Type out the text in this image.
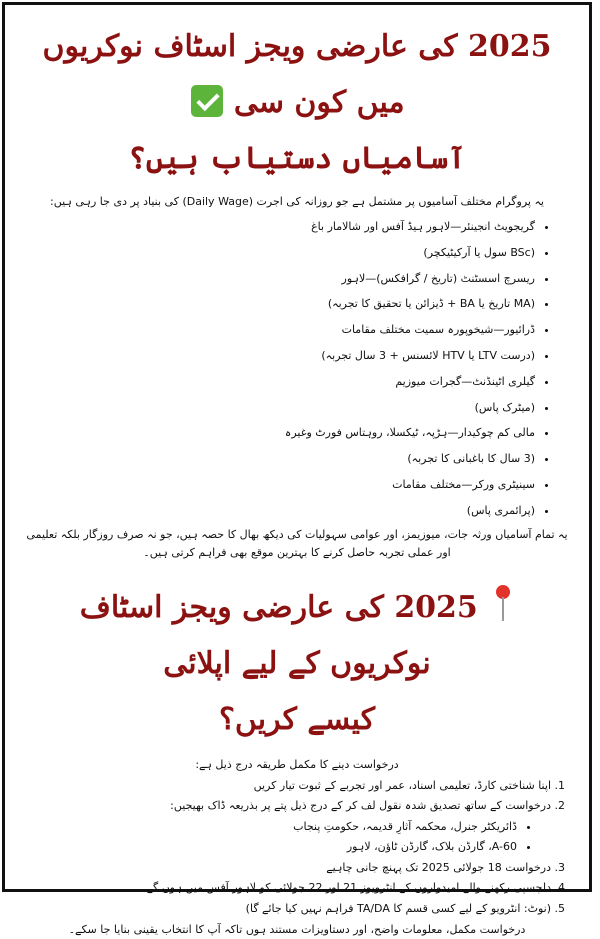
2025 کی عارضی ویجز اسٹاف نوکریوں میں کون سی
آسامیاں دستیاب ہیں؟

یہ پروگرام مختلف آسامیوں پر مشتمل ہے جو روزانہ کی اجرت (Daily Wage) کی بنیاد پر دی جا رہی ہیں:

• گریجویٹ انجینئر—لاہور ہیڈ آفس اور شالامار باغ
• (BSc سول یا آرکیٹیکچر)
• ریسرچ اسسٹنٹ (تاریخ / گرافکس)—لاہور
• (MA تاریخ یا BA + ڈیزائن یا تحقیق کا تجربہ)
• ڈرائیور—شیخوپورہ سمیت مختلف مقامات
• (درست LTV یا HTV لائسنس + 3 سال تجربہ)
• گیلری اٹینڈنٹ—گجرات میوزیم
• (میٹرک پاس)
• مالی کم چوکیدار—ہڑپہ، ٹیکسلا، روہتاس فورٹ وغیرہ
• (3 سال کا باغبانی کا تجربہ)
• سینیٹری ورکر—مختلف مقامات
• (پرائمری پاس)

یہ تمام آسامیاں ورثہ جات، میوزیمز، اور عوامی سہولیات کی دیکھ بھال کا حصہ ہیں، جو نہ صرف روزگار بلکہ تعلیمی اور عملی تجربہ حاصل کرنے کا بہترین موقع بھی فراہم کرتی ہیں۔

2025 کی عارضی ویجز اسٹاف نوکریوں کے لیے اپلائی
کیسے کریں؟

درخواست دینے کا مکمل طریقہ درج ذیل ہے:

1. اپنا شناختی کارڈ، تعلیمی اسناد، عمر اور تجربے کے ثبوت تیار کریں
2. درخواست کے ساتھ تصدیق شدہ نقول لف کر کے درج ذیل پتے پر بذریعہ ڈاک بھیجیں:
• ڈائریکٹر جنرل، محکمہ آثارِ قدیمہ، حکومتِ پنجاب
• A-60، گارڈن بلاک، گارڈن ٹاؤن، لاہور
3. درخواست 18 جولائی 2025 تک پہنچ جانی چاہیے
4. دلچسپی رکھنے والے امیدواروں کے انٹرویوز 21 اور 22 جولائی کو لاہور آفس میں ہوں گے
5. (نوٹ: انٹرویو کے لیے کسی قسم کا TA/DA فراہم نہیں کیا جائے گا)

درخواست مکمل، معلومات واضح، اور دستاویزات مستند ہوں تاکہ آپ کا انتخاب یقینی بنایا جا سکے۔
